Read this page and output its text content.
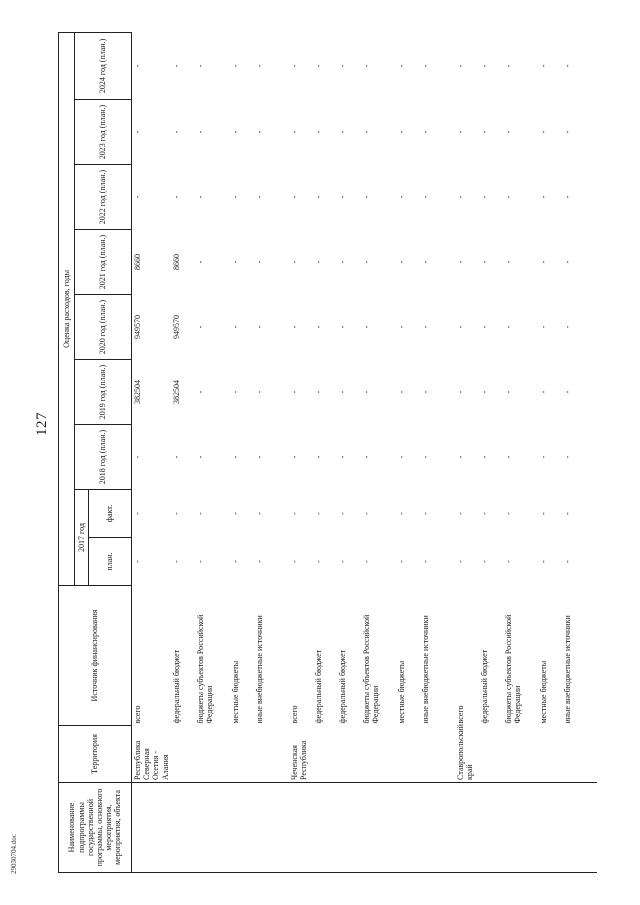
127
29030704.doc
Наименование подпрограммы государственной программы, основного мероприятия, мероприятия, объекта	Территория	Источник финансирования	Оценка расходов, годы								
			2017 год		2018 год (план.)	2019 год (план.)	2020 год (план.)	2021 год (план.)	2022 год (план.)	2023 год (план.)	2024 год (план.)
			план.	факт.							
	Республика Северная Осетия - Алания	всего	-	-	-	382504	949570	8660	-	-	-
		федеральный бюджет	-	-	-	382504	949570	8660	-	-	-
		бюджеты субъектов Российской Федерации	-	-	-	-	-	-	-	-	-
		местные бюджеты	-	-	-	-	-	-	-	-	-
		иные внебюджетные источники	-	-	-	-	-	-	-	-	-
	Чеченская Республика	всего	-	-	-	-	-	-	-	-	-
		федеральный бюджет	-	-	-	-	-	-	-	-	-
		федеральный бюджет	-	-	-	-	-	-	-	-	-
		бюджеты субъектов Российской Федерации	-	-	-	-	-	-	-	-	-
		местные бюджеты	-	-	-	-	-	-	-	-	-
		иные внебюджетные источники	-	-	-	-	-	-	-	-	-
	Ставропольский край	всего	-	-	-	-	-	-	-	-	-
		федеральный бюджет	-	-	-	-	-	-	-	-	-
		бюджеты субъектов Российской Федерации	-	-	-	-	-	-	-	-	-
		местные бюджеты	-	-	-	-	-	-	-	-	-
		иные внебюджетные источники	-	-	-	-	-	-	-	-	-
